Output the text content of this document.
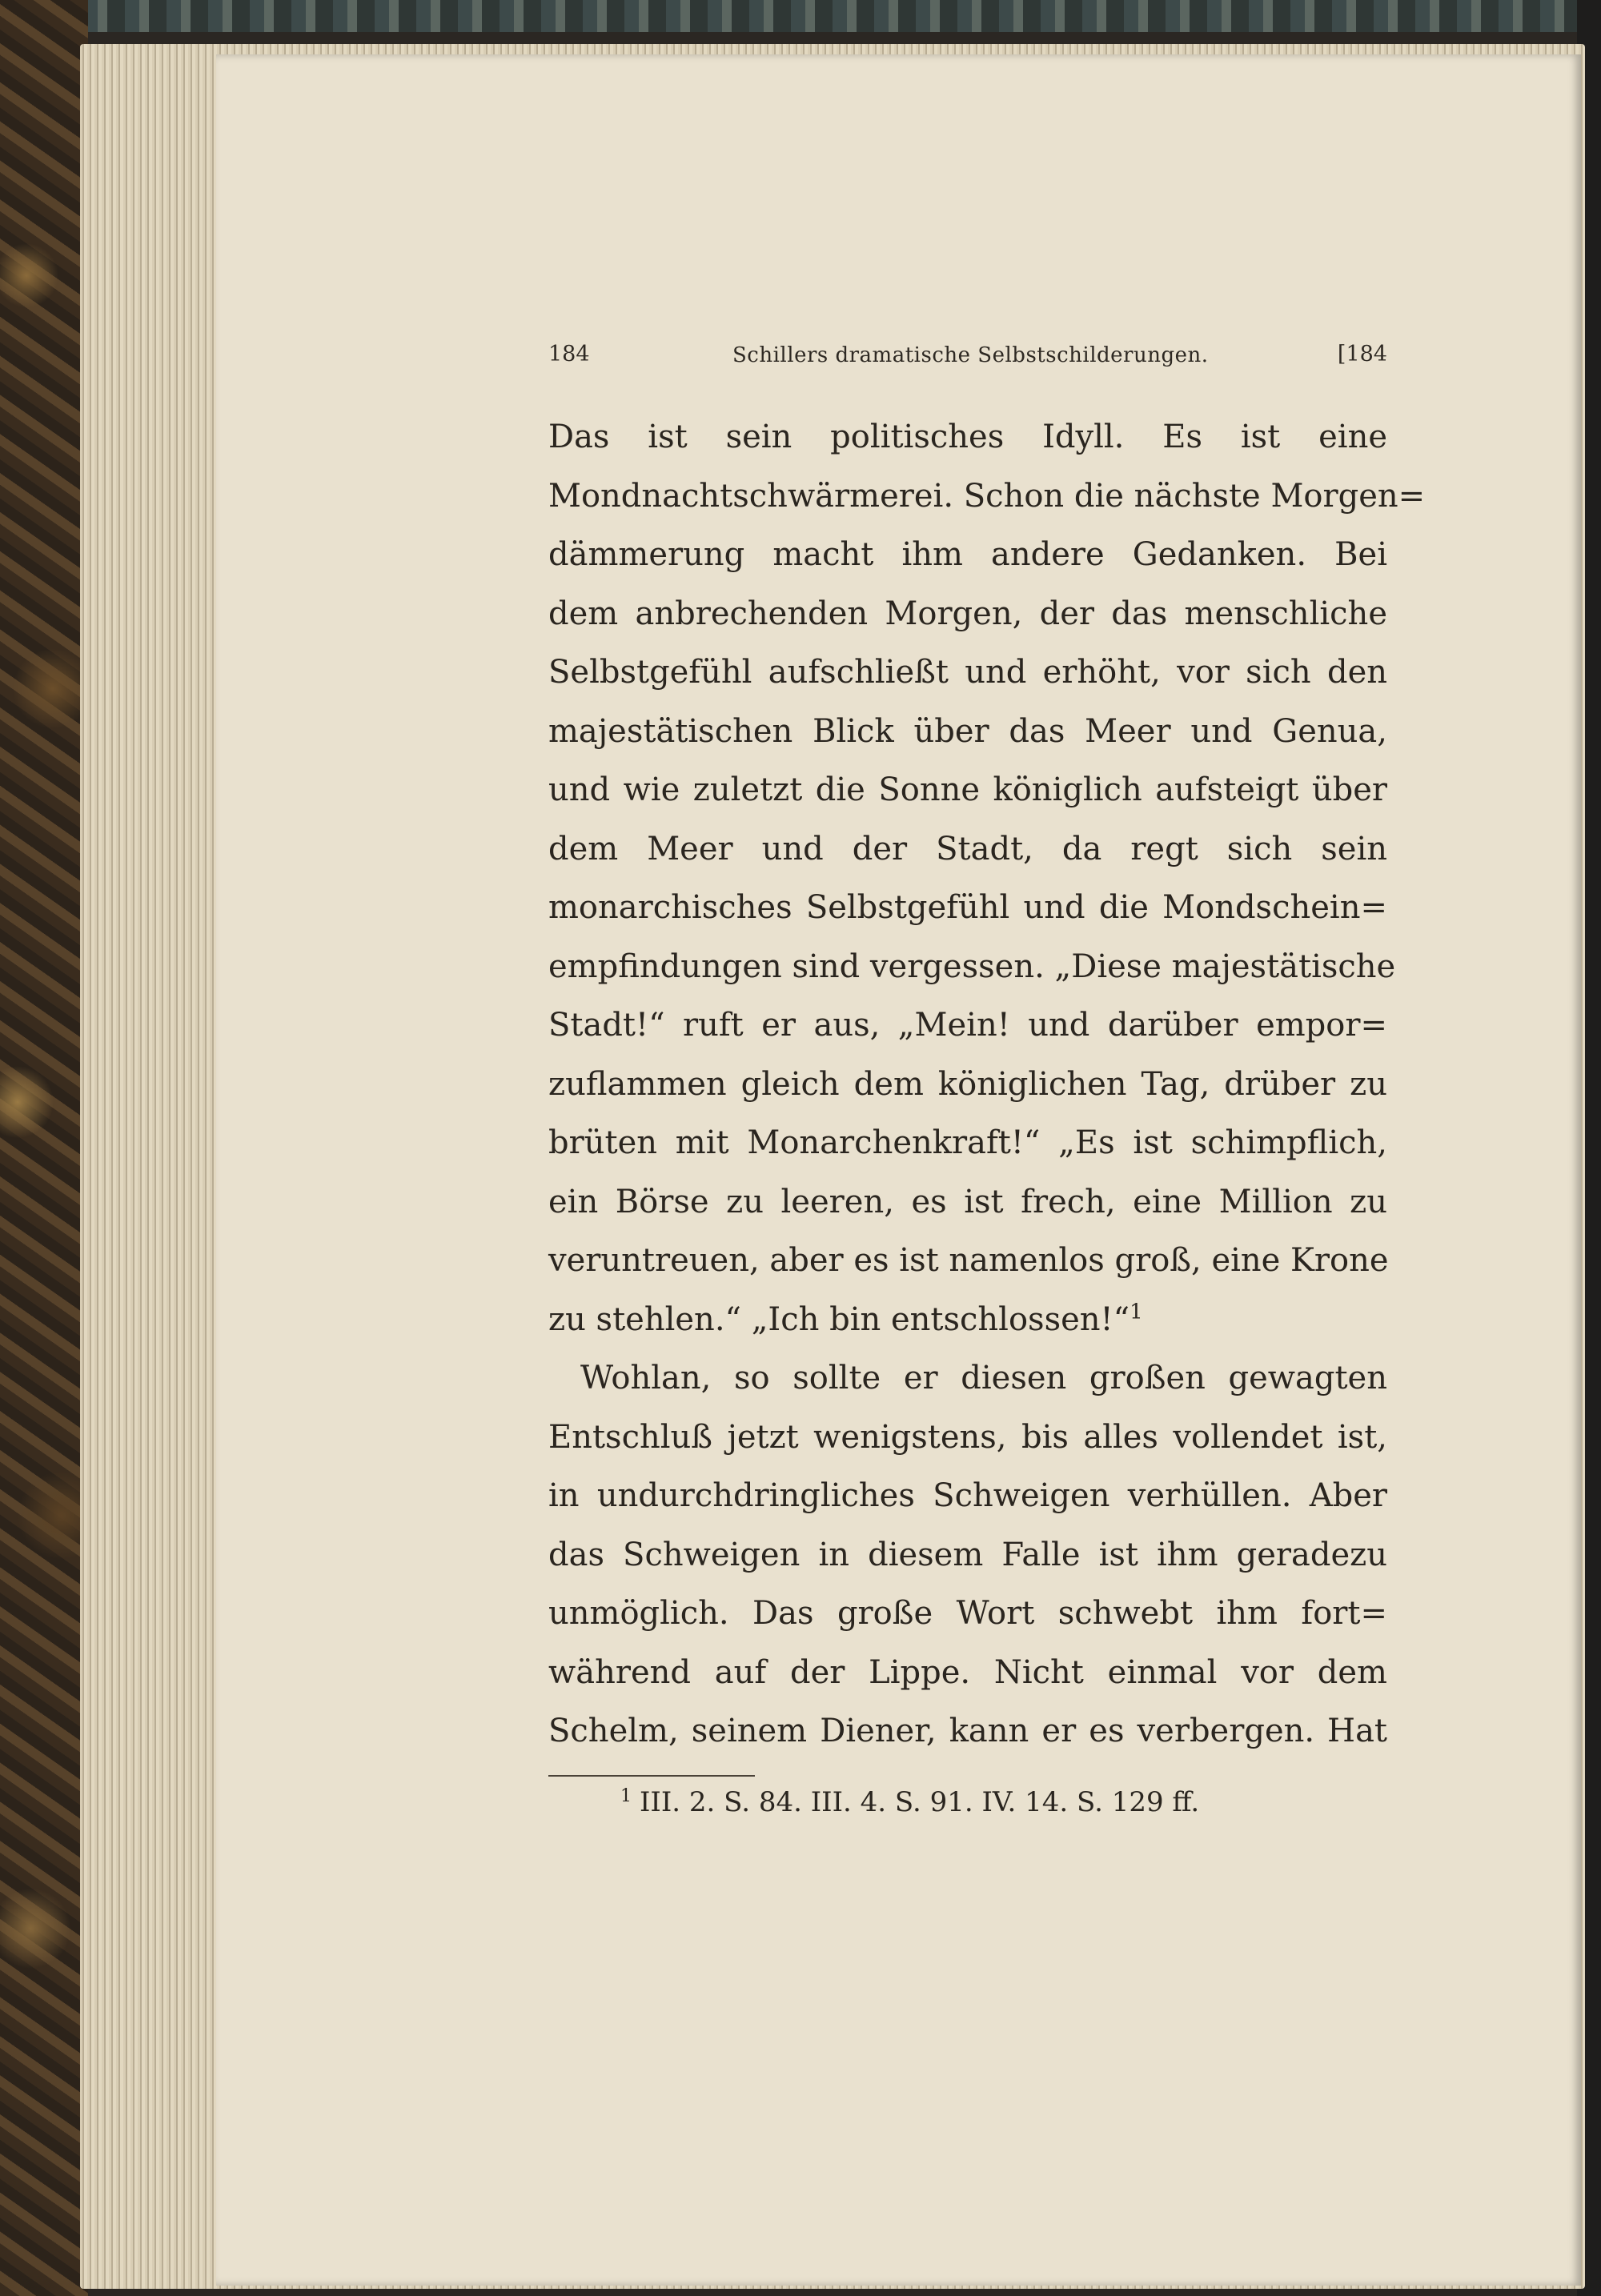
184	Schillers dramatische Selbstschilderungen.	[184
Das ist sein politisches Idyll. Es ist eine
Mondnachtschwärmerei. Schon die nächste Morgen=
dämmerung macht ihm andere Gedanken. Bei
dem anbrechenden Morgen, der das menschliche
Selbstgefühl aufschließt und erhöht, vor sich den
majestätischen Blick über das Meer und Genua,
und wie zuletzt die Sonne königlich aufsteigt über
dem Meer und der Stadt, da regt sich sein
monarchisches Selbstgefühl und die Mondschein=
empfindungen sind vergessen. „Diese majestätische
Stadt!“ ruft er aus, „Mein! und darüber empor=
zuflammen gleich dem königlichen Tag, drüber zu
brüten mit Monarchenkraft!“ „Es ist schimpflich,
ein Börse zu leeren, es ist frech, eine Million zu
veruntreuen, aber es ist namenlos groß, eine Krone
zu stehlen.“ „Ich bin entschlossen!“$^1$
Wohlan, so sollte er diesen großen gewagten
Entschluß jetzt wenigstens, bis alles vollendet ist,
in undurchdringliches Schweigen verhüllen. Aber
das Schweigen in diesem Falle ist ihm geradezu
unmöglich. Das große Wort schwebt ihm fort=
während auf der Lippe. Nicht einmal vor dem
Schelm, seinem Diener, kann er es verbergen. Hat
$^1$ III. 2. S. 84. III. 4. S. 91. IV. 14. S. 129 ff.
